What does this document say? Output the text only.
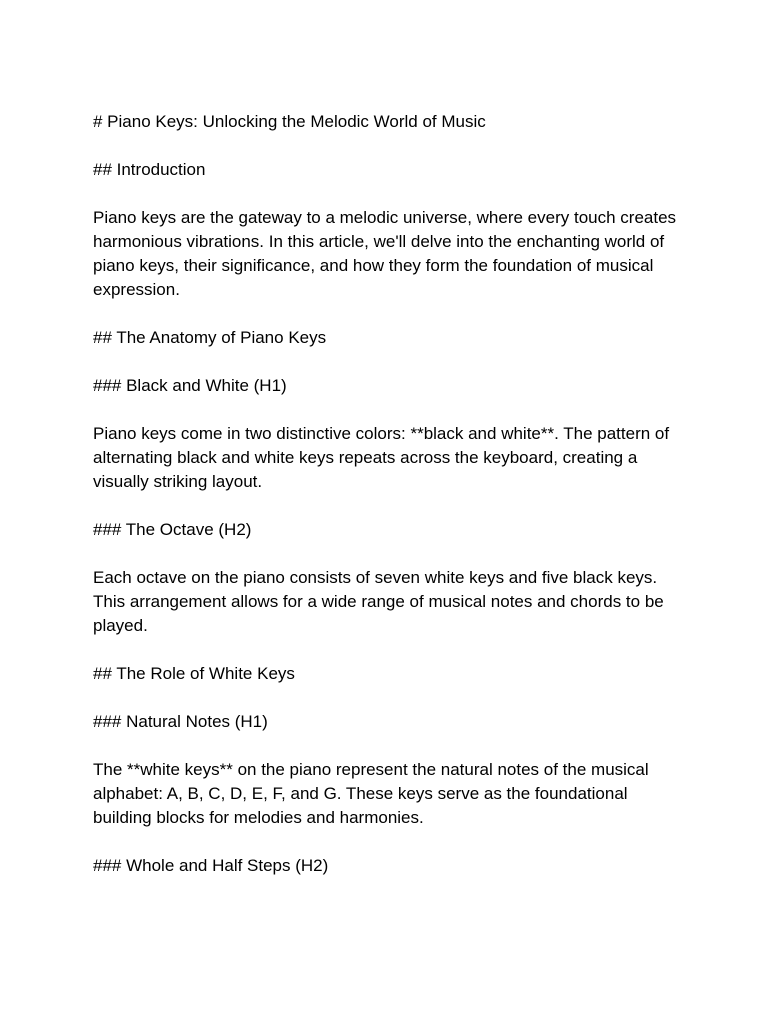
# Piano Keys: Unlocking the Melodic World of Music

## Introduction

Piano keys are the gateway to a melodic universe, where every touch creates harmonious vibrations. In this article, we'll delve into the enchanting world of piano keys, their significance, and how they form the foundation of musical expression.

## The Anatomy of Piano Keys

### Black and White (H1)

Piano keys come in two distinctive colors: **black and white**. The pattern of alternating black and white keys repeats across the keyboard, creating a visually striking layout.

### The Octave (H2)

Each octave on the piano consists of seven white keys and five black keys. This arrangement allows for a wide range of musical notes and chords to be played.

## The Role of White Keys

### Natural Notes (H1)

The **white keys** on the piano represent the natural notes of the musical alphabet: A, B, C, D, E, F, and G. These keys serve as the foundational building blocks for melodies and harmonies.

### Whole and Half Steps (H2)
